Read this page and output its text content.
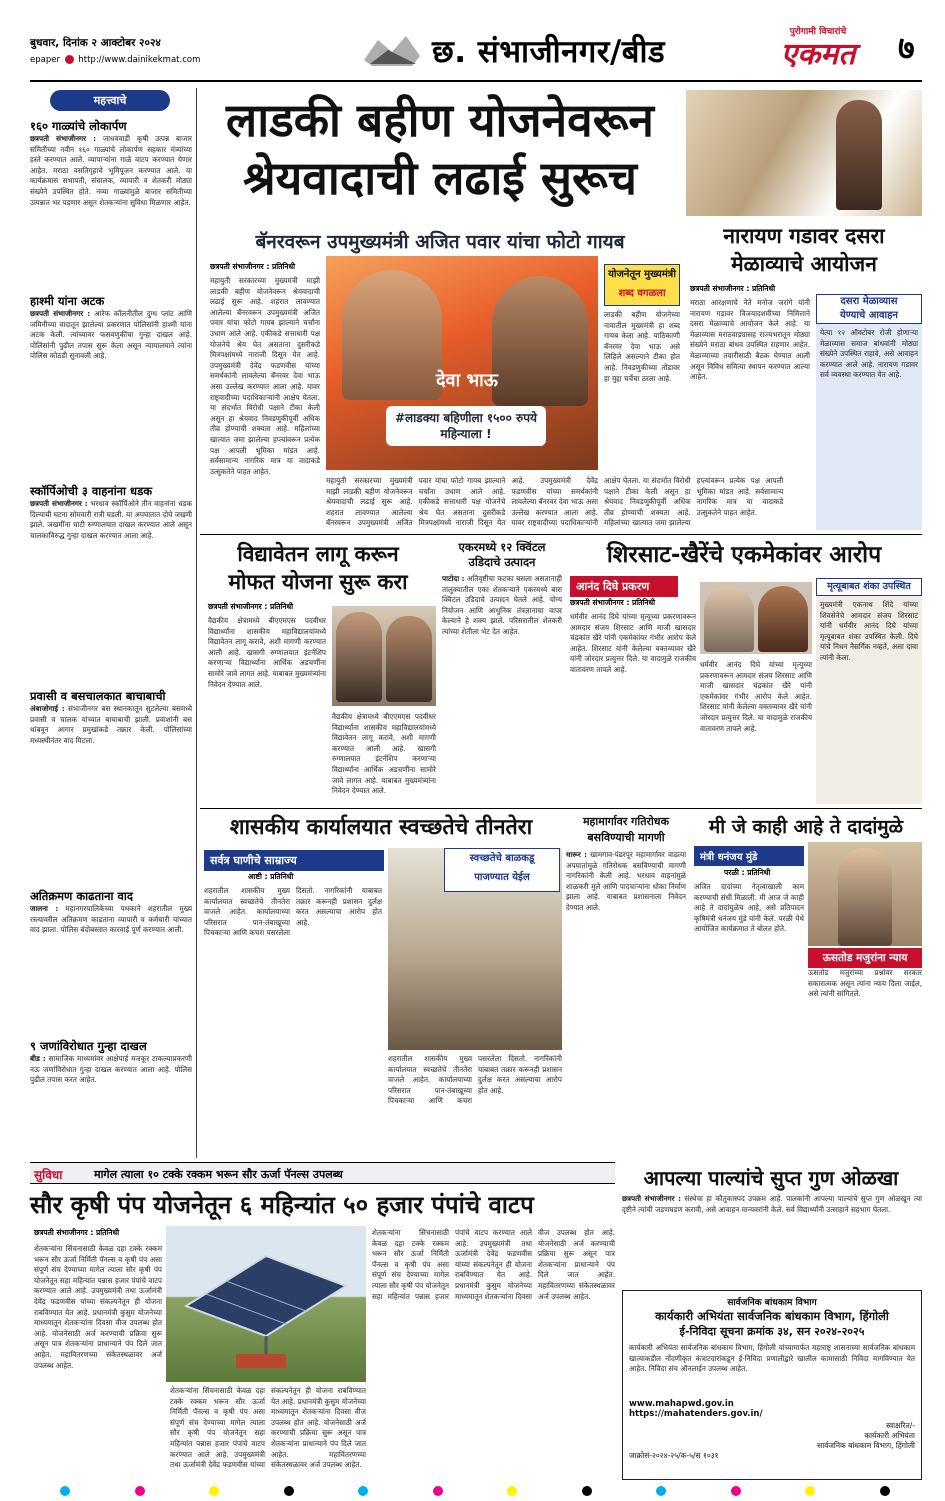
बुधवार, दिनांक २ आक्टोबर २०२४
epaper http://www.dainikekmat.com	छ. संभाजीनगर/बीड
पुरोगामी विचारांचे
एकमत	७
महत्त्वाचे
१६० गाळ्यांचे लोकार्पण
छत्रपती संभाजीनगर : जाधववाडी कृषी उत्पन्न बाजार समितीच्या नवीन १६० गाळ्यांचे लोकार्पण सहकार मंत्र्यांच्या हस्ते करण्यात आले. व्यापाऱ्यांना गाळे वाटप करण्यात येणार आहेत. मराठा वसतिगृहाचे भूमिपूजन करण्यात आले. या कार्यक्रमास सभापती, संचालक, व्यापारी व शेतकरी मोठ्या संख्येने उपस्थित होते. नव्या गाळ्यांमुळे बाजार समितीच्या उत्पन्नात भर पडणार असून शेतकऱ्यांना सुविधा मिळणार आहेत.
हाश्मी यांना अटक
छत्रपती संभाजीनगर : आरेफ कॉलनीतील दुग्ध प्लांट आणि जमिनीच्या वादातून झालेल्या प्रकरणात पोलिसांनी हाश्मी यांना अटक केली. त्यांच्यावर फसवणुकीचा गुन्हा दाखल आहे. पोलिसांनी पुढील तपास सुरू केला असून न्यायालयाने त्यांना पोलिस कोठडी सुनावली आहे.
स्कॉर्पिओची ३ वाहनांना धडक
छत्रपती संभाजीनगर : भरधाव स्कॉर्पिओने तीन वाहनांना धडक दिल्याची घटना सोमवारी रात्री घडली. या अपघातात दोघे जखमी झाले. जखमींना घाटी रुग्णालयात दाखल करण्यात आले असून चालकाविरुद्ध गुन्हा दाखल करण्यात आला आहे.
प्रवासी व बसचालकात बाचाबाची
अंबाजोगाई : संभाजीनगर बस स्थानकातून सुटलेल्या बसमध्ये प्रवासी व चालक यांच्यात बाचाबाची झाली. प्रवाशांनी बस थांबवून आगार प्रमुखांकडे तक्रार केली. पोलिसांच्या मध्यस्थीनंतर वाद मिटला.
अतिक्रमण काढताना वाद
जालना : महानगरपालिकेच्या पथकाने शहरातील मुख्य रस्त्यावरील अतिक्रमण काढताना व्यापारी व कर्मचारी यांच्यात वाद झाला. पोलिस बंदोबस्तात कारवाई पूर्ण करण्यात आली.
९ जणांविरोधात गुन्हा दाखल
बीड : सामाजिक माध्यमांवर आक्षेपार्ह मजकूर टाकल्याप्रकरणी नऊ जणांविरोधात गुन्हा दाखल करण्यात आला आहे. पोलिस पुढील तपास करत आहेत.
लाडकी बहीण योजनेवरून
श्रेयवादाची लढाई सुरूच
बॅनरवरून उपमुख्यमंत्री अजित पवार यांचा फोटो गायब
छत्रपती संभाजीनगर : प्रतिनिधी
महायुती सरकारच्या मुख्यमंत्री माझी लाडकी बहीण योजनेवरून श्रेयवादाची लढाई सुरू आहे. शहरात लावण्यात आलेल्या बॅनरवरून उपमुख्यमंत्री अजित पवार यांचा फोटो गायब झाल्याने चर्चांना उधाण आले आहे. एकीकडे सत्ताधारी पक्ष योजनेचे श्रेय घेत असताना दुसरीकडे मित्रपक्षांमध्ये नाराजी दिसून येत आहे. उपमुख्यमंत्री देवेंद्र फडणवीस यांच्या समर्थकांनी लावलेल्या बॅनरवर देवा भाऊ असा उल्लेख करण्यात आला आहे. यावर राष्ट्रवादीच्या पदाधिकाऱ्यांनी आक्षेप घेतला. या संदर्भात विरोधी पक्षाने टीका केली असून हा श्रेयवाद निवडणुकीपूर्वी अधिक तीव्र होण्याची शक्यता आहे. महिलांच्या खात्यात जमा झालेल्या हप्त्यांवरून प्रत्येक पक्ष आपली भूमिका मांडत आहे. सर्वसामान्य नागरिक मात्र या वादाकडे उत्सुकतेने पाहत आहेत.
देवा भाऊ
#लाडक्या बहिणीला १५०० रुपये महिन्याला !
महायुती सरकारच्या मुख्यमंत्री माझी लाडकी बहीण योजनेवरून श्रेयवादाची लढाई सुरू आहे. शहरात लावण्यात आलेल्या बॅनरवरून उपमुख्यमंत्री अजित पवार यांचा फोटो गायब झाल्याने चर्चांना उधाण आले आहे. एकीकडे सत्ताधारी पक्ष योजनेचे श्रेय घेत असताना दुसरीकडे मित्रपक्षांमध्ये नाराजी दिसून येत आहे. उपमुख्यमंत्री देवेंद्र फडणवीस यांच्या समर्थकांनी लावलेल्या बॅनरवर देवा भाऊ असा उल्लेख करण्यात आला आहे. यावर राष्ट्रवादीच्या पदाधिकाऱ्यांनी आक्षेप घेतला. या संदर्भात विरोधी पक्षाने टीका केली असून हा श्रेयवाद निवडणुकीपूर्वी अधिक तीव्र होण्याची शक्यता आहे. महिलांच्या खात्यात जमा झालेल्या हप्त्यांवरून प्रत्येक पक्ष आपली भूमिका मांडत आहे. सर्वसामान्य नागरिक मात्र या वादाकडे उत्सुकतेने पाहत आहेत.
योजनेतून मुख्यमंत्री
शब्द वगळला
लाडकी बहीण योजनेच्या नावातील मुख्यमंत्री हा शब्द गायब केला आहे. याठिकाणी बॅनरवर देवा भाऊ असे लिहिले असल्याने टीका होत आहे. निवडणुकीच्या तोंडावर हा मुद्दा चर्चेचा ठरला आहे.
नारायण गडावर दसरा
मेळाव्याचे आयोजन
छत्रपती संभाजीनगर : प्रतिनिधी
मराठा आरक्षणाचे नेते मनोज जरांगे यांनी नारायण गडावर विजयादशमीच्या निमित्ताने दसरा मेळाव्याचे आयोजन केले आहे. या मेळाव्यास मराठवाड्यासह राज्यभरातून मोठ्या संख्येने मराठा बांधव उपस्थित राहणार आहेत. मेळाव्याच्या तयारीसाठी बैठक घेण्यात आली असून विविध समित्या स्थापन करण्यात आल्या आहेत.
दसरा मेळाव्यास
येण्याचे आवाहन
येत्या १२ ऑक्टोबर रोजी होणाऱ्या मेळाव्यास समाज बांधवांनी मोठ्या संख्येने उपस्थित राहावे, असे आवाहन करण्यात आले आहे. नारायण गडावर सर्व व्यवस्था करण्यात येत आहे.
विद्यावेतन लागू करून
मोफत योजना सुरू करा
छत्रपती संभाजीनगर : प्रतिनिधी
वैद्यकीय क्षेत्रामध्ये बीएएमएस पदवीधर विद्यार्थ्यांना शासकीय महाविद्यालयांमध्ये विद्यावेतन लागू करावे, अशी मागणी करण्यात आली आहे. खासगी रुग्णालयात इंटर्नशिप करणाऱ्या विद्यार्थ्यांना आर्थिक अडचणींना सामोरे जावे लागत आहे. याबाबत मुख्यमंत्र्यांना निवेदन देण्यात आले.
वैद्यकीय क्षेत्रामध्ये बीएएमएस पदवीधर विद्यार्थ्यांना शासकीय महाविद्यालयांमध्ये विद्यावेतन लागू करावे, अशी मागणी करण्यात आली आहे. खासगी रुग्णालयात इंटर्नशिप करणाऱ्या विद्यार्थ्यांना आर्थिक अडचणींना सामोरे जावे लागत आहे. याबाबत मुख्यमंत्र्यांना निवेदन देण्यात आले.
एकरमध्ये १२ क्विंटल
उडिदाचे उत्पादन
पाटोदा : अतिवृष्टीचा फटका बसला असतानाही तालुक्यातील एका शेतकऱ्याने एकरमध्ये बारा क्विंटल उडिदाचे उत्पादन घेतले आहे. योग्य नियोजन आणि आधुनिक तंत्रज्ञानाचा वापर केल्याने हे शक्य झाले. परिसरातील शेतकरी त्यांच्या शेतीला भेट देत आहेत.
शिरसाट-खैरेंचे एकमेकांवर आरोप
आनंद दिघे प्रकरण
छत्रपती संभाजीनगर : प्रतिनिधी
धर्मवीर आनंद दिघे यांच्या मृत्यूच्या प्रकरणावरून आमदार संजय शिरसाट आणि माजी खासदार चंद्रकांत खैरे यांनी एकमेकांवर गंभीर आरोप केले आहेत. शिरसाट यांनी केलेल्या वक्तव्यावर खैरे यांनी जोरदार प्रत्युत्तर दिले. या वादामुळे राजकीय वातावरण तापले आहे.
धर्मवीर आनंद दिघे यांच्या मृत्यूच्या प्रकरणावरून आमदार संजय शिरसाट आणि माजी खासदार चंद्रकांत खैरे यांनी एकमेकांवर गंभीर आरोप केले आहेत. शिरसाट यांनी केलेल्या वक्तव्यावर खैरे यांनी जोरदार प्रत्युत्तर दिले. या वादामुळे राजकीय वातावरण तापले आहे.
मृत्यूबाबत शंका उपस्थित
मुख्यमंत्री एकनाथ शिंदे यांच्या शिवसेनेचे आमदार संजय शिरसाट यांनी धर्मवीर आनंद दिघे यांच्या मृत्यूबाबत शंका उपस्थित केली. दिघे यांचे निधन नैसर्गिक नव्हते, असा दावा त्यांनी केला.
शासकीय कार्यालयात स्वच्छतेचे तीनतेरा
सर्वत्र घाणीचे साम्राज्य
आष्टी : प्रतिनिधी
शहरातील शासकीय मुख्य कार्यालयात स्वच्छतेचे तीनतेरा वाजले आहेत. कार्यालयाच्या परिसरात पान-तंबाखूच्या पिचकाऱ्या आणि कचरा पसरलेला दिसतो. नागरिकांनी याबाबत तक्रार करूनही प्रशासन दुर्लक्ष करत असल्याचा आरोप होत आहे.
शहरातील शासकीय मुख्य कार्यालयात स्वच्छतेचे तीनतेरा वाजले आहेत. कार्यालयाच्या परिसरात पान-तंबाखूच्या पिचकाऱ्या आणि कचरा पसरलेला दिसतो. नागरिकांनी याबाबत तक्रार करूनही प्रशासन दुर्लक्ष करत असल्याचा आरोप होत आहे.
स्वच्छतेचे बाळकडू
पाजण्यात येईल
महामार्गावर गतिरोधक
बसविण्याची मागणी
धारूर : खामगाव-पंढरपूर महामार्गावर वाढत्या अपघातांमुळे गतिरोधक बसविण्याची मागणी नागरिकांनी केली आहे. भरधाव वाहनांमुळे शाळकरी मुले आणि पादचाऱ्यांना धोका निर्माण झाला आहे. याबाबत प्रशासनाला निवेदन देण्यात आले.
मी जे काही आहे ते दादांमुळे
मंत्री धनंजय मुंडे
परळी : प्रतिनिधी
अजित दादांच्या नेतृत्वाखाली काम करण्याची संधी मिळाली. मी आज जे काही आहे ते दादांमुळेच आहे, असे प्रतिपादन कृषिमंत्री धनंजय मुंडे यांनी केले. परळी येथे आयोजित कार्यक्रमात ते बोलत होते.
ऊसतोड मजुरांना न्याय
ऊसतोड मजुरांच्या प्रश्नांवर सरकार सकारात्मक असून त्यांना न्याय दिला जाईल, असे त्यांनी सांगितले.
सुविधा	मागेल त्याला १० टक्के रक्कम भरून सौर ऊर्जा पॅनल्स उपलब्ध
सौर कृषी पंप योजनेतून ६ महिन्यांत ५० हजार पंपांचे वाटप
छत्रपती संभाजीनगर : प्रतिनिधी
शेतकऱ्यांना सिंचनासाठी केवळ दहा टक्के रक्कम भरून सौर ऊर्जा निर्मिती पॅनल्स व कृषी पंप असा संपूर्ण संच देण्याच्या मागेल त्याला सौर कृषी पंप योजनेतून सहा महिन्यांत पन्नास हजार पंपांचे वाटप करण्यात आले आहे. उपमुख्यमंत्री तथा ऊर्जामंत्री देवेंद्र फडणवीस यांच्या संकल्पनेतून ही योजना राबविण्यात येत आहे. प्रधानमंत्री कुसुम योजनेच्या माध्यमातून शेतकऱ्यांना दिवसा वीज उपलब्ध होत आहे. योजनेसाठी अर्ज करण्याची प्रक्रिया सुरू असून पात्र शेतकऱ्यांना प्राधान्याने पंप दिले जात आहेत. महावितरणच्या संकेतस्थळावर अर्ज उपलब्ध आहेत.
शेतकऱ्यांना सिंचनासाठी केवळ दहा टक्के रक्कम भरून सौर ऊर्जा निर्मिती पॅनल्स व कृषी पंप असा संपूर्ण संच देण्याच्या मागेल त्याला सौर कृषी पंप योजनेतून सहा महिन्यांत पन्नास हजार पंपांचे वाटप करण्यात आले आहे. उपमुख्यमंत्री तथा ऊर्जामंत्री देवेंद्र फडणवीस यांच्या संकल्पनेतून ही योजना राबविण्यात येत आहे. प्रधानमंत्री कुसुम योजनेच्या माध्यमातून शेतकऱ्यांना दिवसा वीज उपलब्ध होत आहे. योजनेसाठी अर्ज करण्याची प्रक्रिया सुरू असून पात्र शेतकऱ्यांना प्राधान्याने पंप दिले जात आहेत. महावितरणच्या संकेतस्थळावर अर्ज उपलब्ध आहेत.
शेतकऱ्यांना सिंचनासाठी केवळ दहा टक्के रक्कम भरून सौर ऊर्जा निर्मिती पॅनल्स व कृषी पंप असा संपूर्ण संच देण्याच्या मागेल त्याला सौर कृषी पंप योजनेतून सहा महिन्यांत पन्नास हजार पंपांचे वाटप करण्यात आले आहे. उपमुख्यमंत्री तथा ऊर्जामंत्री देवेंद्र फडणवीस यांच्या संकल्पनेतून ही योजना राबविण्यात येत आहे. प्रधानमंत्री कुसुम योजनेच्या माध्यमातून शेतकऱ्यांना दिवसा वीज उपलब्ध होत आहे. योजनेसाठी अर्ज करण्याची प्रक्रिया सुरू असून पात्र शेतकऱ्यांना प्राधान्याने पंप दिले जात आहेत. महावितरणच्या संकेतस्थळावर अर्ज उपलब्ध आहेत.
आपल्या पाल्यांचे सुप्त गुण ओळखा
छत्रपती संभाजीनगर : संस्थेचा हा कौतुकास्पद उपक्रम आहे. पालकांनी आपल्या पाल्यांचे सुप्त गुण ओळखून त्या दृष्टीने त्यांची जडणघडण करावी, असे आवाहन मान्यवरांनी केले. सर्व विद्यार्थ्यांनी उत्साहाने सहभाग घेतला.
सार्वजनिक बांधकाम विभाग
कार्यकारी अभियंता सार्वजनिक बांधकाम विभाग, हिंगोली
ई-निविदा सूचना क्रमांक ३४, सन २०२४-२०२५
कार्यकारी अभियंता सार्वजनिक बांधकाम विभाग, हिंगोली यांच्यामार्फत महाराष्ट्र शासनाच्या सार्वजनिक बांधकाम खात्याकडील नोंदणीकृत कंत्राटदारांकडून ई-निविदा प्रणालीद्वारे खालील कामासाठी निविदा मागविण्यात येत आहेत. निविदा संच ऑनलाईन उपलब्ध आहेत.
www.mahapwd.gov.in
https://mahatenders.gov.in/
स्वाक्षरित/-
कार्यकारी अभियंता
सार्वजनिक बांधकाम विभाग, हिंगोली
जाक्रोसं-२०२४-२५/क-५/स १०३१
